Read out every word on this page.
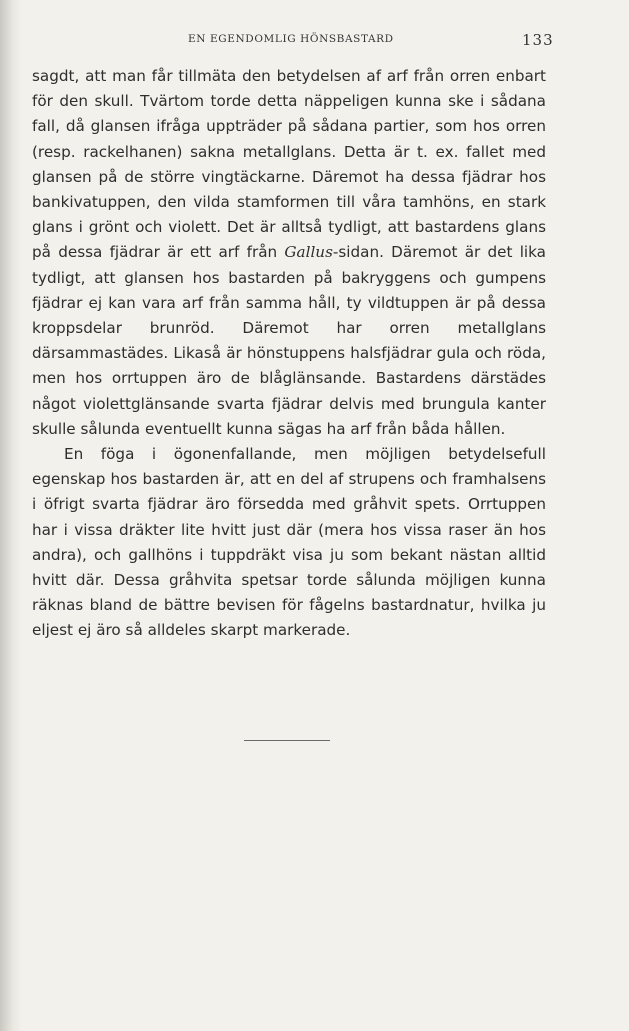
EN EGENDOMLIG HÖNSBASTARD	133

sagdt, att man får tillmäta den betydelsen af arf från orren enbart för den skull. Tvärtom torde detta näppeligen kunna ske i sådana fall, då glansen ifråga uppträder på sådana partier, som hos orren (resp. rackelhanen) sakna metallglans. Detta är t. ex. fallet med glansen på de större vingtäckarne. Däremot ha dessa fjädrar hos bankivatuppen, den vilda stamformen till våra tamhöns, en stark glans i grönt och violett. Det är alltså tydligt, att bastardens glans på dessa fjädrar är ett arf från Gallus-sidan. Däremot är det lika tydligt, att glansen hos bastarden på bakryggens och gumpens fjädrar ej kan vara arf från samma håll, ty vildtuppen är på dessa kroppsdelar brunröd. Däremot har orren metallglans därsammastädes. Likaså är hönstuppens halsfjädrar gula och röda, men hos orrtuppen äro de blåglänsande. Bastardens därstädes något violettglänsande svarta fjädrar delvis med brungula kanter skulle sålunda eventuellt kunna sägas ha arf från båda hållen.

En föga i ögonenfallande, men möjligen betydelsefull egenskap hos bastarden är, att en del af strupens och framhalsens i öfrigt svarta fjädrar äro försedda med gråhvit spets. Orrtuppen har i vissa dräkter lite hvitt just där (mera hos vissa raser än hos andra), och gallhöns i tuppdräkt visa ju som bekant nästan alltid hvitt där. Dessa gråhvita spetsar torde sålunda möjligen kunna räknas bland de bättre bevisen för fågelns bastardnatur, hvilka ju eljest ej äro så alldeles skarpt markerade.
